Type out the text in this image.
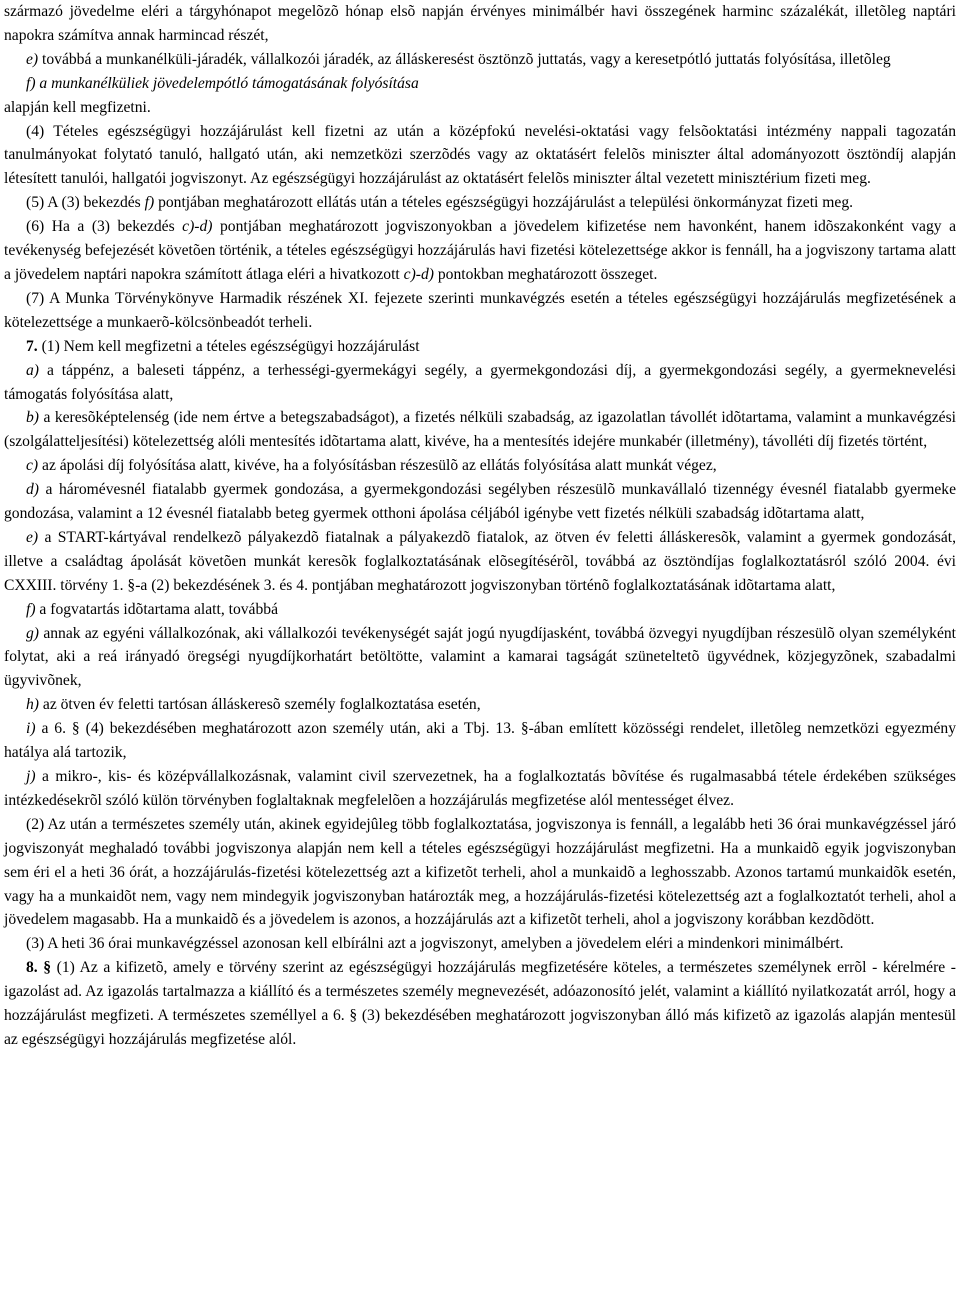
származó jövedelme eléri a tárgyhónapot megelõzõ hónap elsõ napján érvényes minimálbér havi összegének harminc százalékát, illetõleg naptári napokra számítva annak harmincad részét,

e) továbbá a munkanélküli-járadék, vállalkozói járadék, az álláskeresést ösztönzõ juttatás, vagy a keresetpótló juttatás folyósítása, illetõleg

f) a munkanélküliek jövedelempótló támogatásának folyósítása

alapján kell megfizetni.

(4) Tételes egészségügyi hozzájárulást kell fizetni az után a középfokú nevelési-oktatási vagy felsõoktatási intézmény nappali tagozatán tanulmányokat folytató tanuló, hallgató után, aki nemzetközi szerzõdés vagy az oktatásért felelõs miniszter által adományozott ösztöndíj alapján létesített tanulói, hallgatói jogviszonyt. Az egészségügyi hozzájárulást az oktatásért felelõs miniszter által vezetett minisztérium fizeti meg.

(5) A (3) bekezdés f) pontjában meghatározott ellátás után a tételes egészségügyi hozzájárulást a települési önkormányzat fizeti meg.

(6) Ha a (3) bekezdés c)-d) pontjában meghatározott jogviszonyokban a jövedelem kifizetése nem havonként, hanem idõszakonként vagy a tevékenység befejezését követõen történik, a tételes egészségügyi hozzájárulás havi fizetési kötelezettsége akkor is fennáll, ha a jogviszony tartama alatt a jövedelem naptári napokra számított átlaga eléri a hivatkozott c)-d) pontokban meghatározott összeget.

(7) A Munka Törvénykönyve Harmadik részének XI. fejezete szerinti munkavégzés esetén a tételes egészségügyi hozzájárulás megfizetésének a kötelezettsége a munkaerõ-kölcsönbeadót terheli.

7. (1) Nem kell megfizetni a tételes egészségügyi hozzájárulást

a) a táppénz, a baleseti táppénz, a terhességi-gyermekágyi segély, a gyermekgondozási díj, a gyermekgondozási segély, a gyermeknevelési támogatás folyósítása alatt,

b) a keresõképtelenség (ide nem értve a betegszabadságot), a fizetés nélküli szabadság, az igazolatlan távollét idõtartama, valamint a munkavégzési (szolgálatteljesítési) kötelezettség alóli mentesítés idõtartama alatt, kivéve, ha a mentesítés idejére munkabér (illetmény), távolléti díj fizetés történt,

c) az ápolási díj folyósítása alatt, kivéve, ha a folyósításban részesülõ az ellátás folyósítása alatt munkát végez,

d) a háromévesnél fiatalabb gyermek gondozása, a gyermekgondozási segélyben részesülõ munkavállaló tizennégy évesnél fiatalabb gyermeke gondozása, valamint a 12 évesnél fiatalabb beteg gyermek otthoni ápolása céljából igénybe vett fizetés nélküli szabadság idõtartama alatt,

e) a START-kártyával rendelkezõ pályakezdõ fiatalnak a pályakezdõ fiatalok, az ötven év feletti álláskeresõk, valamint a gyermek gondozását, illetve a családtag ápolását követõen munkát keresõk foglalkoztatásának elõsegítésérõl, továbbá az ösztöndíjas foglalkoztatásról szóló 2004. évi CXXIII. törvény 1. §-a (2) bekezdésének 3. és 4. pontjában meghatározott jogviszonyban történõ foglalkoztatásának idõtartama alatt,

f) a fogvatartás idõtartama alatt, továbbá

g) annak az egyéni vállalkozónak, aki vállalkozói tevékenységét saját jogú nyugdíjasként, továbbá özvegyi nyugdíjban részesülõ olyan személyként folytat, aki a reá irányadó öregségi nyugdíjkorhatárt betöltötte, valamint a kamarai tagságát szüneteltetõ ügyvédnek, közjegyzõnek, szabadalmi ügyvivõnek,

h) az ötven év feletti tartósan álláskeresõ személy foglalkoztatása esetén,

i) a 6. § (4) bekezdésében meghatározott azon személy után, aki a Tbj. 13. §-ában említett közösségi rendelet, illetõleg nemzetközi egyezmény hatálya alá tartozik,

j) a mikro-, kis- és középvállalkozásnak, valamint civil szervezetnek, ha a foglalkoztatás bõvítése és rugalmasabbá tétele érdekében szükséges intézkedésekrõl szóló külön törvényben foglaltaknak megfelelõen a hozzájárulás megfizetése alól mentességet élvez.

(2) Az után a természetes személy után, akinek egyidejûleg több foglalkoztatása, jogviszonya is fennáll, a legalább heti 36 órai munkavégzéssel járó jogviszonyát meghaladó további jogviszonya alapján nem kell a tételes egészségügyi hozzájárulást megfizetni. Ha a munkaidõ egyik jogviszonyban sem éri el a heti 36 órát, a hozzájárulás-fizetési kötelezettség azt a kifizetõt terheli, ahol a munkaidõ a leghosszabb. Azonos tartamú munkaidõk esetén, vagy ha a munkaidõt nem, vagy nem mindegyik jogviszonyban határozták meg, a hozzájárulás-fizetési kötelezettség azt a foglalkoztatót terheli, ahol a jövedelem magasabb. Ha a munkaidõ és a jövedelem is azonos, a hozzájárulás azt a kifizetõt terheli, ahol a jogviszony korábban kezdõdött.

(3) A heti 36 órai munkavégzéssel azonosan kell elbírálni azt a jogviszonyt, amelyben a jövedelem eléri a mindenkori minimálbért.

8. § (1) Az a kifizetõ, amely e törvény szerint az egészségügyi hozzájárulás megfizetésére köteles, a természetes személynek errõl - kérelmére - igazolást ad. Az igazolás tartalmazza a kiállító és a természetes személy megnevezését, adóazonosító jelét, valamint a kiállító nyilatkozatát arról, hogy a hozzájárulást megfizeti. A természetes személlyel a 6. § (3) bekezdésében meghatározott jogviszonyban álló más kifizetõ az igazolás alapján mentesül az egészségügyi hozzájárulás megfizetése alól.
